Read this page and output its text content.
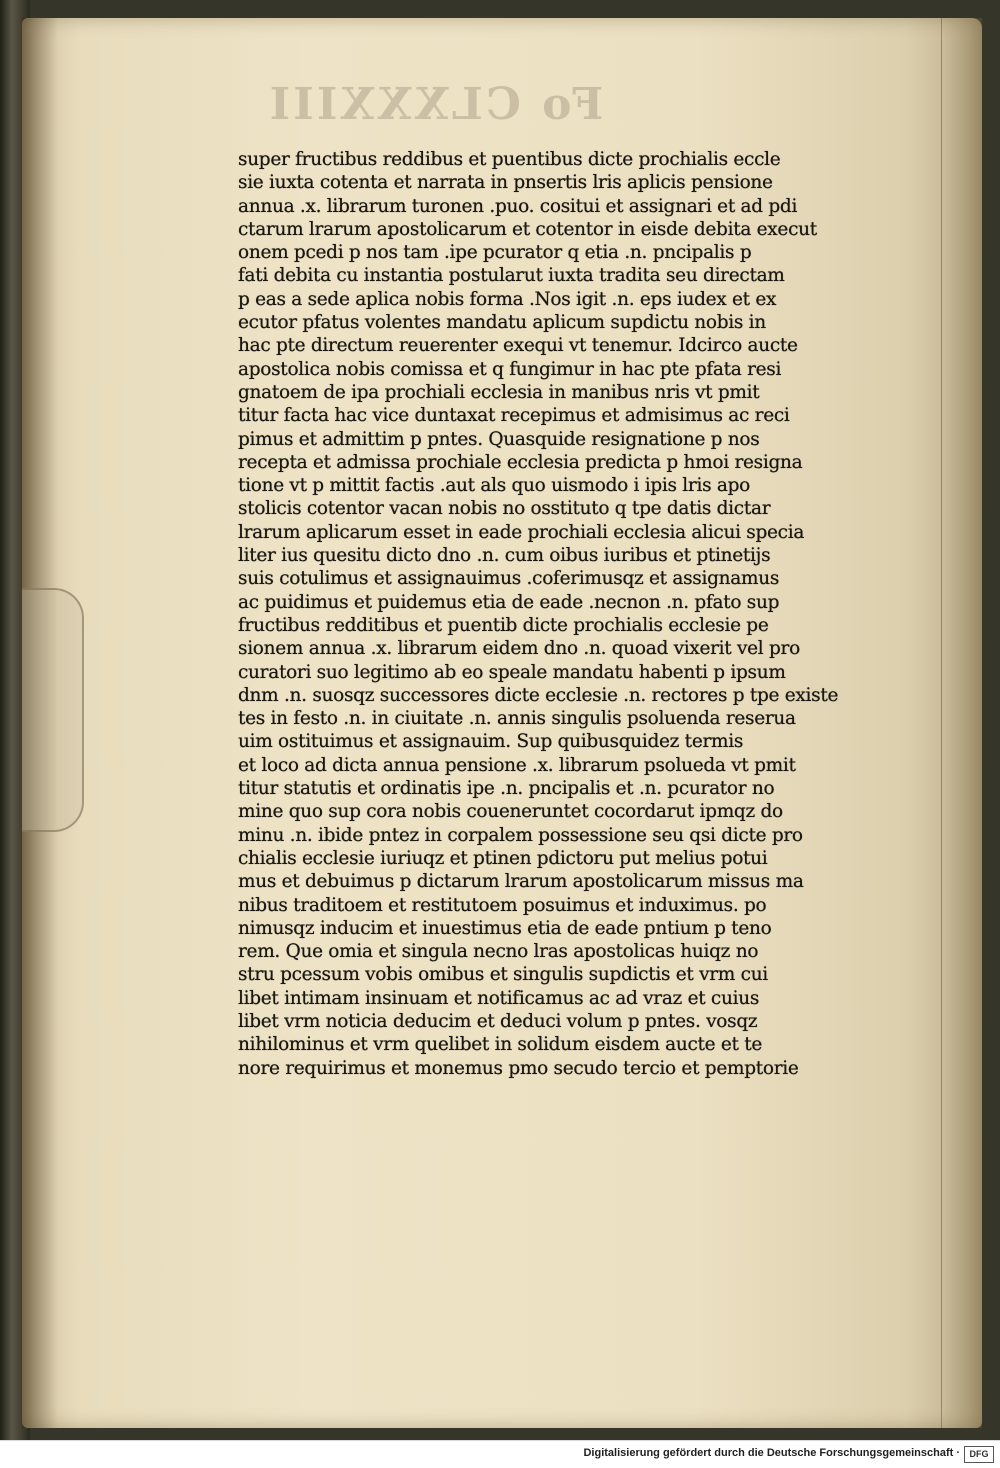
Fo CLXXXIII
super fructibus reddibus et puentibus dicte prochialis eccle
sie iuxta cotenta et narrata in pnsertis lris aplicis pensione
annua .x. librarum turonen .puo. cositui et assignari et ad pdi
ctarum lrarum apostolicarum et cotentor in eisde debita execut
onem pcedi p nos tam .ipe pcurator q etia .n. pncipalis p
fati debita cu instantia postularut iuxta tradita seu directam
p eas a sede aplica nobis forma .Nos igit .n. eps iudex et ex
ecutor pfatus volentes mandatu aplicum supdictu nobis in
hac pte directum reuerenter exequi vt tenemur. Idcirco aucte
apostolica nobis comissa et q fungimur in hac pte pfata resi
gnatoem de ipa prochiali ecclesia in manibus nris vt pmit
titur facta hac vice duntaxat recepimus et admisimus ac reci
pimus et admittim p pntes. Quasquide resignatione p nos
recepta et admissa prochiale ecclesia predicta p hmoi resigna
tione vt p mittit factis .aut als quo uismodo i ipis lris apo
stolicis cotentor vacan nobis no osstituto q tpe datis dictar
lrarum aplicarum esset in eade prochiali ecclesia alicui specia
liter ius quesitu dicto dno .n. cum oibus iuribus et ptinetijs
suis cotulimus et assignauimus .coferimusqz et assignamus
ac puidimus et puidemus etia de eade .necnon .n. pfato sup
fructibus redditibus et puentib dicte prochialis ecclesie pe
sionem annua .x. librarum eidem dno .n. quoad vixerit vel pro
curatori suo legitimo ab eo speale mandatu habenti p ipsum
dnm .n. suosqz successores dicte ecclesie .n. rectores p tpe existe
tes in festo .n. in ciuitate .n. annis singulis psoluenda reserua
uim ostituimus et assignauim. Sup quibusquidez termis
et loco ad dicta annua pensione .x. librarum psolueda vt pmit
titur statutis et ordinatis ipe .n. pncipalis et .n. pcurator no
mine quo sup cora nobis coueneruntet cocordarut ipmqz do
minu .n. ibide pntez in corpalem possessione seu qsi dicte pro
chialis ecclesie iuriuqz et ptinen pdictoru put melius potui
mus et debuimus p dictarum lrarum apostolicarum missus ma
nibus traditoem et restitutoem posuimus et induximus. po
nimusqz inducim et inuestimus etia de eade pntium p teno
rem. Que omia et singula necno lras apostolicas huiqz no
stru pcessum vobis omibus et singulis supdictis et vrm cui
libet intimam insinuam et notificamus ac ad vraz et cuius
libet vrm noticia deducim et deduci volum p pntes. vosqz
nihilominus et vrm quelibet in solidum eisdem aucte et te
nore requirimus et monemus pmo secudo tercio et pemptorie
Digitalisierung gefördert durch die Deutsche Forschungsgemeinschaft ·	DFG
